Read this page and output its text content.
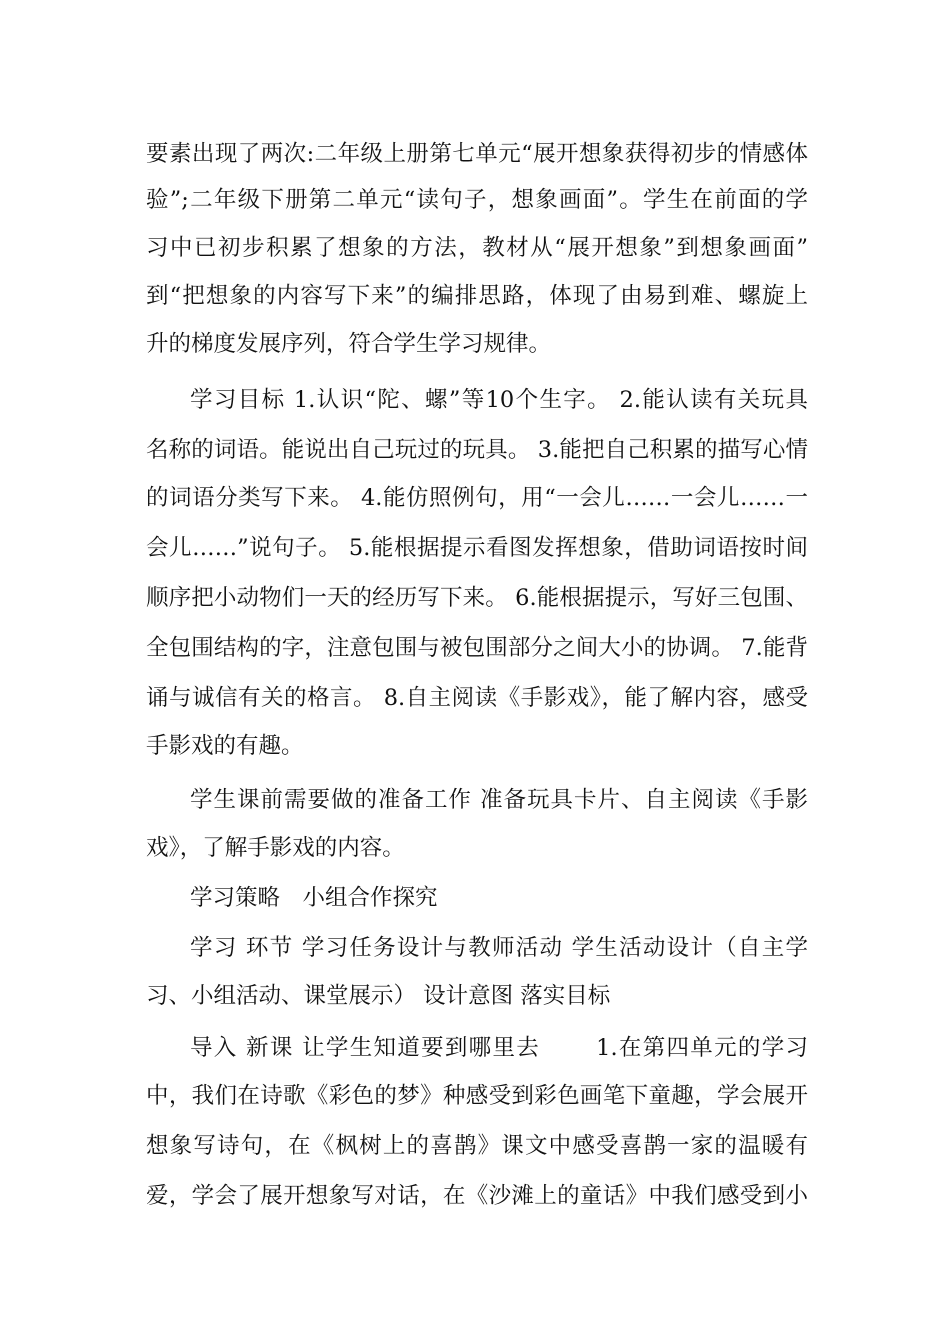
要素出现了两次:二年级上册第七单元“展开想象获得初步的情感体
验”;二年级下册第二单元“读句子，想象画面”。学生在前面的学
习中已初步积累了想象的方法，教材从“展开想象”到想象画面”
到“把想象的内容写下来”的编排思路，体现了由易到难、螺旋上
升的梯度发展序列，符合学生学习规律。
学习目标 1.认识“陀、螺”等10个生字。 2.能认读有关玩具
名称的词语。能说出自己玩过的玩具。 3.能把自己积累的描写心情
的词语分类写下来。 4.能仿照例句，用“一会儿……一会儿……一
会儿……”说句子。 5.能根据提示看图发挥想象，借助词语按时间
顺序把小动物们一天的经历写下来。 6.能根据提示，写好三包围、
全包围结构的字，注意包围与被包围部分之间大小的协调。 7.能背
诵与诚信有关的格言。 8.自主阅读《手影戏》，能了解内容，感受
手影戏的有趣。
学生课前需要做的准备工作 准备玩具卡片、自主阅读《手影
戏》，了解手影戏的内容。
学习策略　小组合作探究
学习 环节 学习任务设计与教师活动 学生活动设计（自主学
习、小组活动、课堂展示） 设计意图 落实目标
导入 新课 让学生知道要到哪里去　　 1.在第四单元的学习
中，我们在诗歌《彩色的梦》种感受到彩色画笔下童趣，学会展开
想象写诗句，在《枫树上的喜鹊》课文中感受喜鹊一家的温暖有
爱，学会了展开想象写对话，在《沙滩上的童话》中我们感受到小
